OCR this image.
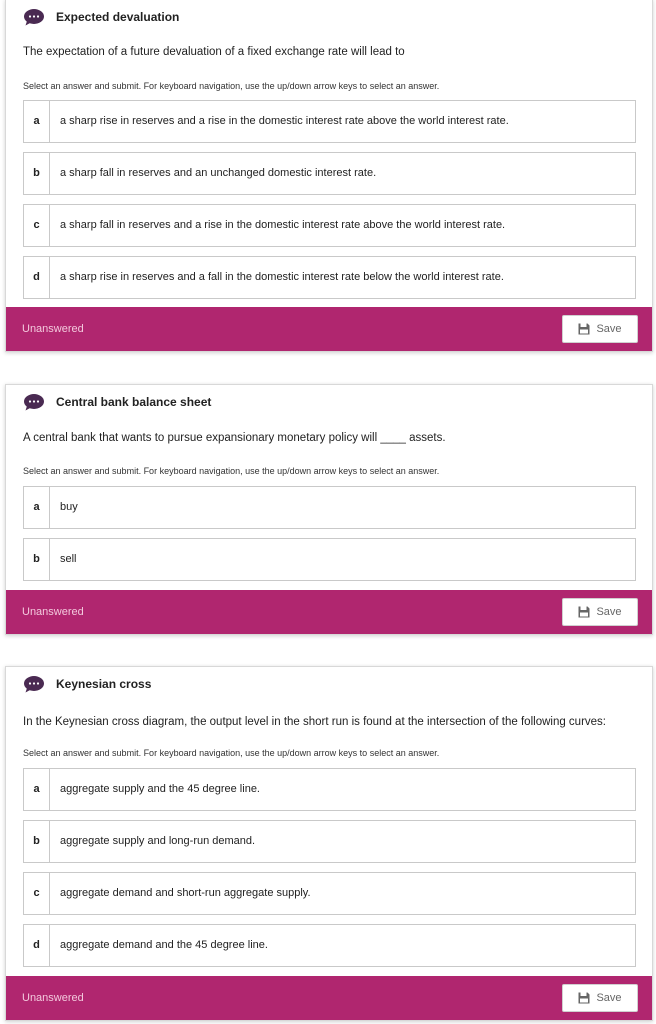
Expected devaluation
The expectation of a future devaluation of a fixed exchange rate will lead to
Select an answer and submit. For keyboard navigation, use the up/down arrow keys to select an answer.
a	a sharp rise in reserves and a rise in the domestic interest rate above the world interest rate.
b	a sharp fall in reserves and an unchanged domestic interest rate.
c	a sharp fall in reserves and a rise in the domestic interest rate above the world interest rate.
d	a sharp rise in reserves and a fall in the domestic interest rate below the world interest rate.
Unanswered	Save
Central bank balance sheet
A central bank that wants to pursue expansionary monetary policy will ____ assets.
Select an answer and submit. For keyboard navigation, use the up/down arrow keys to select an answer.
a	buy
b	sell
Unanswered	Save
Keynesian cross
In the Keynesian cross diagram, the output level in the short run is found at the intersection of the following curves:
Select an answer and submit. For keyboard navigation, use the up/down arrow keys to select an answer.
a	aggregate supply and the 45 degree line.
b	aggregate supply and long-run demand.
c	aggregate demand and short-run aggregate supply.
d	aggregate demand and the 45 degree line.
Unanswered	Save
